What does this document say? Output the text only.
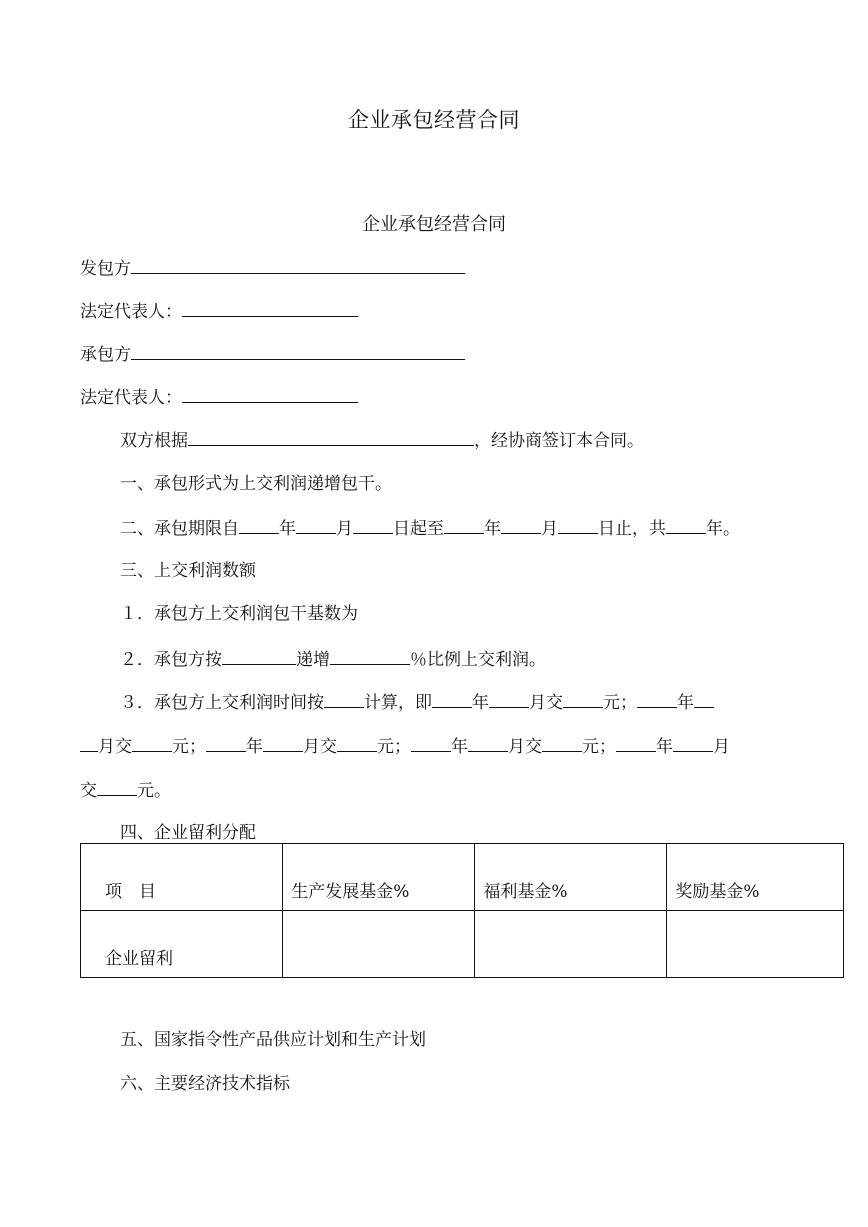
企业承包经营合同
企业承包经营合同
发包方
法定代表人：
承包方
法定代表人：
双方根据	，经协商签订本合同。
一、承包形式为上交利润递增包干。
二、承包期限自 年 月 日起至 年 月 日止，共 年。
三、上交利润数额
１．承包方上交利润包干基数为
２．承包方按	递增	％比例上交利润。
３．承包方上交利润时间按 计算，即 年 月交 元； 年
月交 元； 年 月交 元； 年 月交 元； 年 月
交 元。
四、企业留利分配
项　目	生产发展基金%	福利基金%	奖励基金%
企业留利			
五、国家指令性产品供应计划和生产计划
六、主要经济技术指标
